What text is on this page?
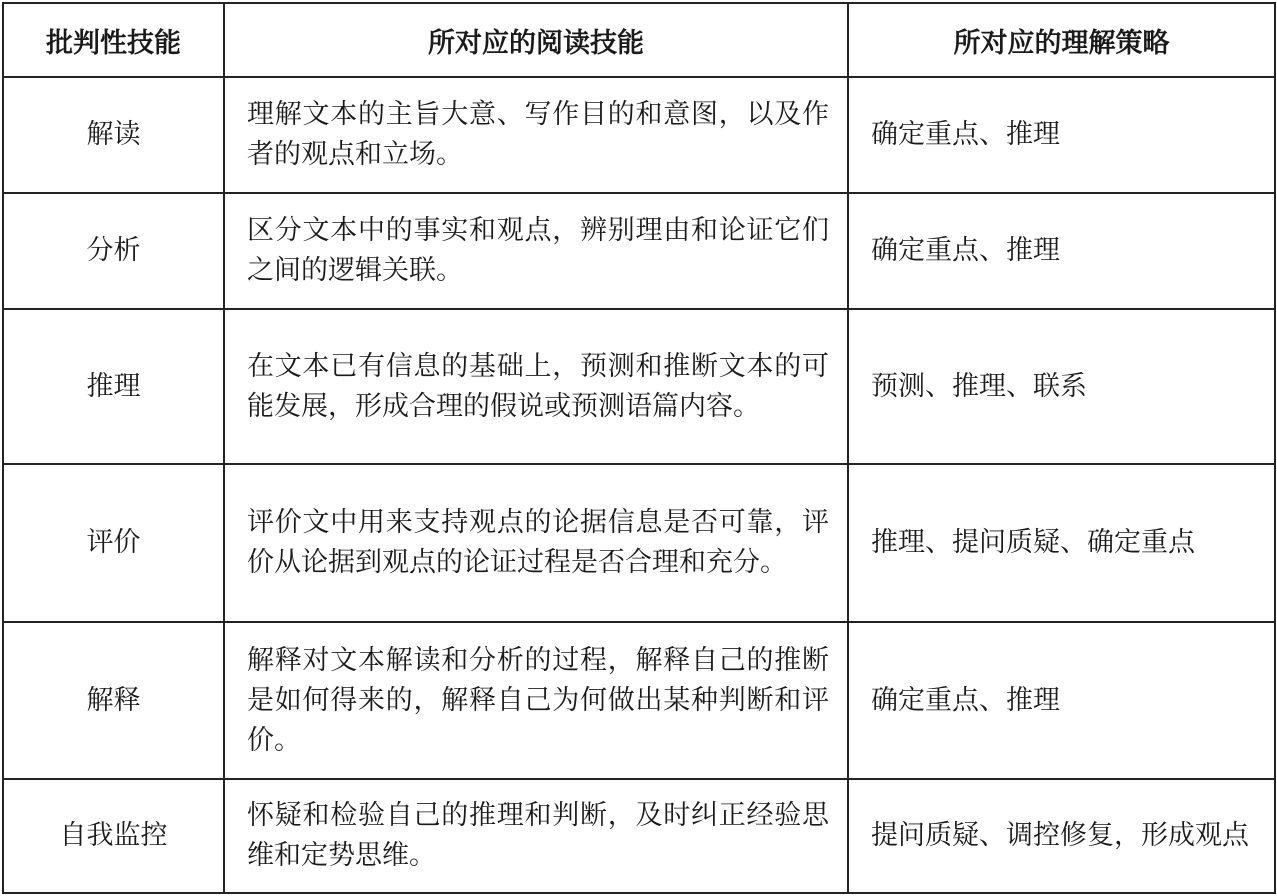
批判性技能	所对应的阅读技能	所对应的理解策略
解读	理解文本的主旨大意、写作目的和意图，以及作者的观点和立场。	确定重点、推理
分析	区分文本中的事实和观点，辨别理由和论证它们之间的逻辑关联。	确定重点、推理
推理	在文本已有信息的基础上，预测和推断文本的可能发展，形成合理的假说或预测语篇内容。	预测、推理、联系
评价	评价文中用来支持观点的论据信息是否可靠，评价从论据到观点的论证过程是否合理和充分。	推理、提问质疑、确定重点
解释	解释对文本解读和分析的过程，解释自己的推断是如何得来的，解释自己为何做出某种判断和评价。	确定重点、推理
自我监控	怀疑和检验自己的推理和判断，及时纠正经验思维和定势思维。	提问质疑、调控修复，形成观点
